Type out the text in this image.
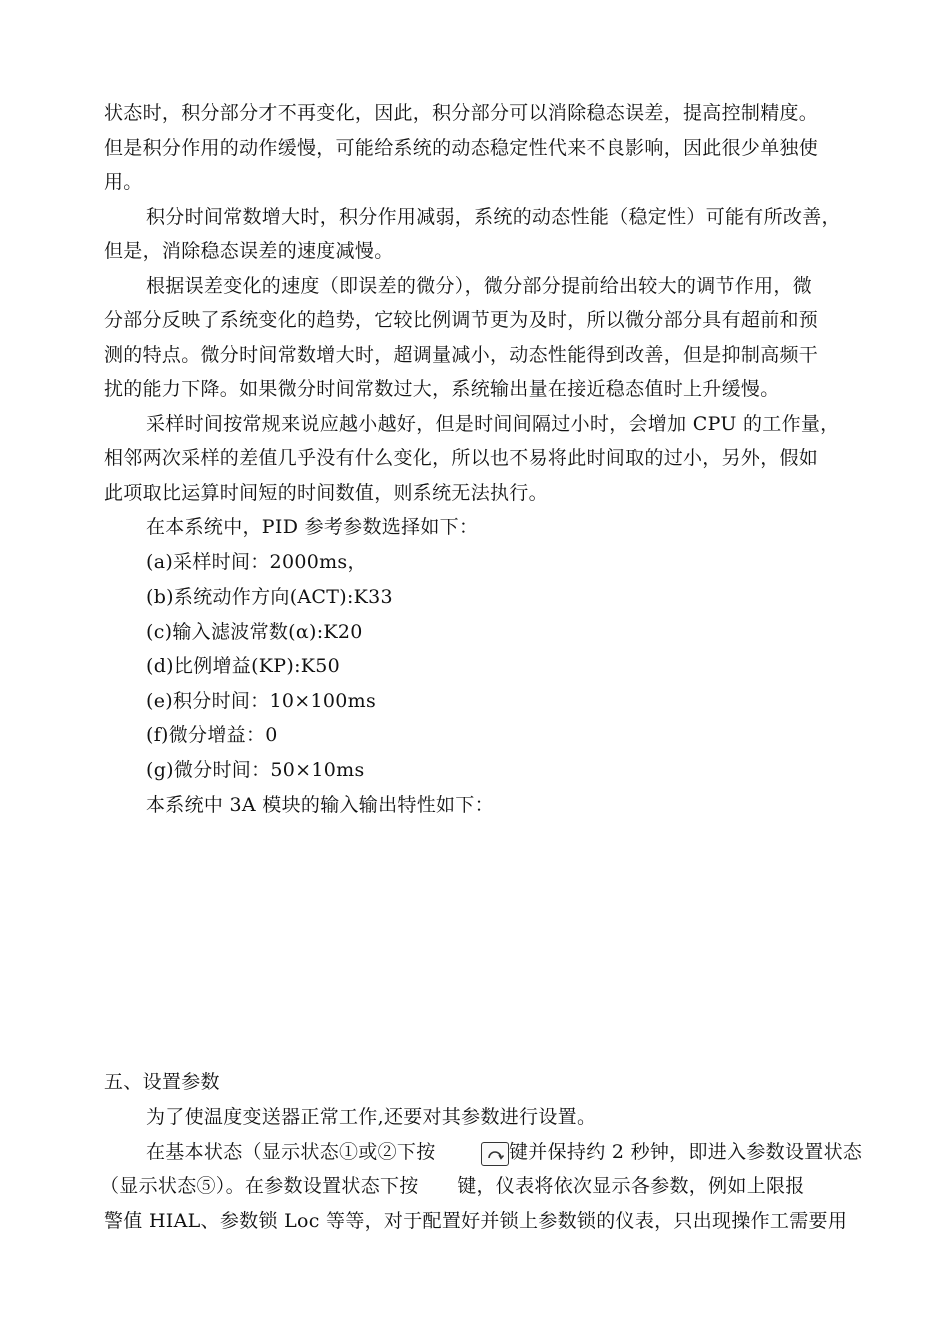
状态时，积分部分才不再变化，因此，积分部分可以消除稳态误差，提高控制精度。
但是积分作用的动作缓慢，可能给系统的动态稳定性代来不良影响，因此很少单独使
用。
积分时间常数增大时，积分作用减弱，系统的动态性能（稳定性）可能有所改善，
但是，消除稳态误差的速度减慢。
根据误差变化的速度（即误差的微分），微分部分提前给出较大的调节作用，微
分部分反映了系统变化的趋势，它较比例调节更为及时，所以微分部分具有超前和预
测的特点。微分时间常数增大时，超调量减小，动态性能得到改善，但是抑制高频干
扰的能力下降。如果微分时间常数过大，系统输出量在接近稳态值时上升缓慢。
采样时间按常规来说应越小越好，但是时间间隔过小时，会增加 CPU 的工作量，
相邻两次采样的差值几乎没有什么变化，所以也不易将此时间取的过小，另外，假如
此项取比运算时间短的时间数值，则系统无法执行。
在本系统中，PID 参考参数选择如下：
(a)采样时间：2000ms，
(b)系统动作方向(ACT):K33
(c)输入滤波常数(α):K20
(d)比例增益(KP):K50
(e)积分时间：10×100ms
(f)微分增益：0
(g)微分时间：50×10ms
本系统中 3A 模块的输入输出特性如下：
五、设置参数
为了使温度变送器正常工作,还要对其参数进行设置。
在基本状态（显示状态①或②下按	键并保持约 2 秒钟，即进入参数设置状态
（显示状态⑤）。在参数设置状态下按　　键，仪表将依次显示各参数，例如上限报
警值 HIAL、参数锁 Loc 等等，对于配置好并锁上参数锁的仪表，只出现操作工需要用
